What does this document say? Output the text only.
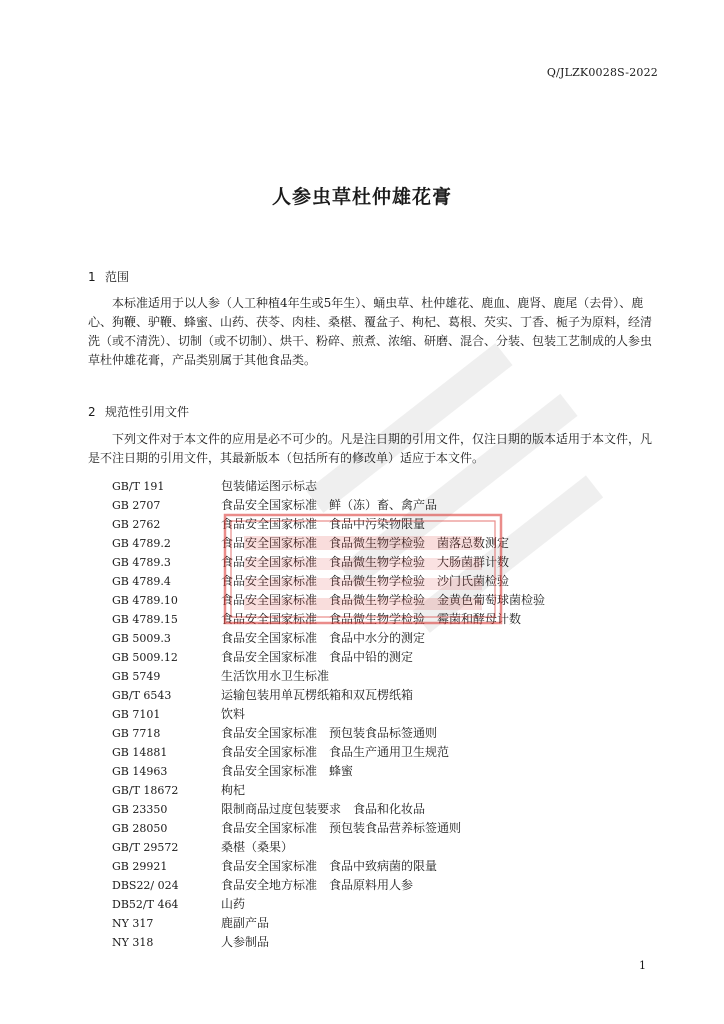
Q/JLZK0028S-2022
人参虫草杜仲雄花膏
1 范围

本标准适用于以人参（人工种植4年生或5年生）、蛹虫草、杜仲雄花、鹿血、鹿肾、鹿尾（去骨）、鹿心、狗鞭、驴鞭、蜂蜜、山药、茯苓、肉桂、桑椹、覆盆子、枸杞、葛根、芡实、丁香、栀子为原料，经清洗（或不清洗）、切制（或不切制）、烘干、粉碎、煎煮、浓缩、研磨、混合、分装、包装工艺制成的人参虫草杜仲雄花膏，产品类别属于其他食品类。

2 规范性引用文件

下列文件对于本文件的应用是必不可少的。凡是注日期的引用文件，仅注日期的版本适用于本文件，凡是不注日期的引用文件，其最新版本（包括所有的修改单）适应于本文件。

GB/T 191	包装储运图示标志
GB 2707	食品安全国家标准　鲜（冻）畜、禽产品
GB 2762	食品安全国家标准　食品中污染物限量
GB 4789.2	食品安全国家标准　食品微生物学检验　菌落总数测定
GB 4789.3	食品安全国家标准　食品微生物学检验　大肠菌群计数
GB 4789.4	食品安全国家标准　食品微生物学检验　沙门氏菌检验
GB 4789.10	食品安全国家标准　食品微生物学检验　金黄色葡萄球菌检验
GB 4789.15	食品安全国家标准　食品微生物学检验　霉菌和酵母计数
GB 5009.3	食品安全国家标准　食品中水分的测定
GB 5009.12	食品安全国家标准　食品中铅的测定
GB 5749	生活饮用水卫生标准
GB/T 6543	运输包装用单瓦楞纸箱和双瓦楞纸箱
GB 7101	饮料
GB 7718	食品安全国家标准　预包装食品标签通则
GB 14881	食品安全国家标准　食品生产通用卫生规范
GB 14963	食品安全国家标准　蜂蜜
GB/T 18672	枸杞
GB 23350	限制商品过度包装要求　食品和化妆品
GB 28050	食品安全国家标准　预包装食品营养标签通则
GB/T 29572	桑椹（桑果）
GB 29921	食品安全国家标准　食品中致病菌的限量
DBS22/ 024	食品安全地方标准　食品原料用人参
DB52/T 464	山药
NY 317	鹿副产品
NY 318	人参制品
1
